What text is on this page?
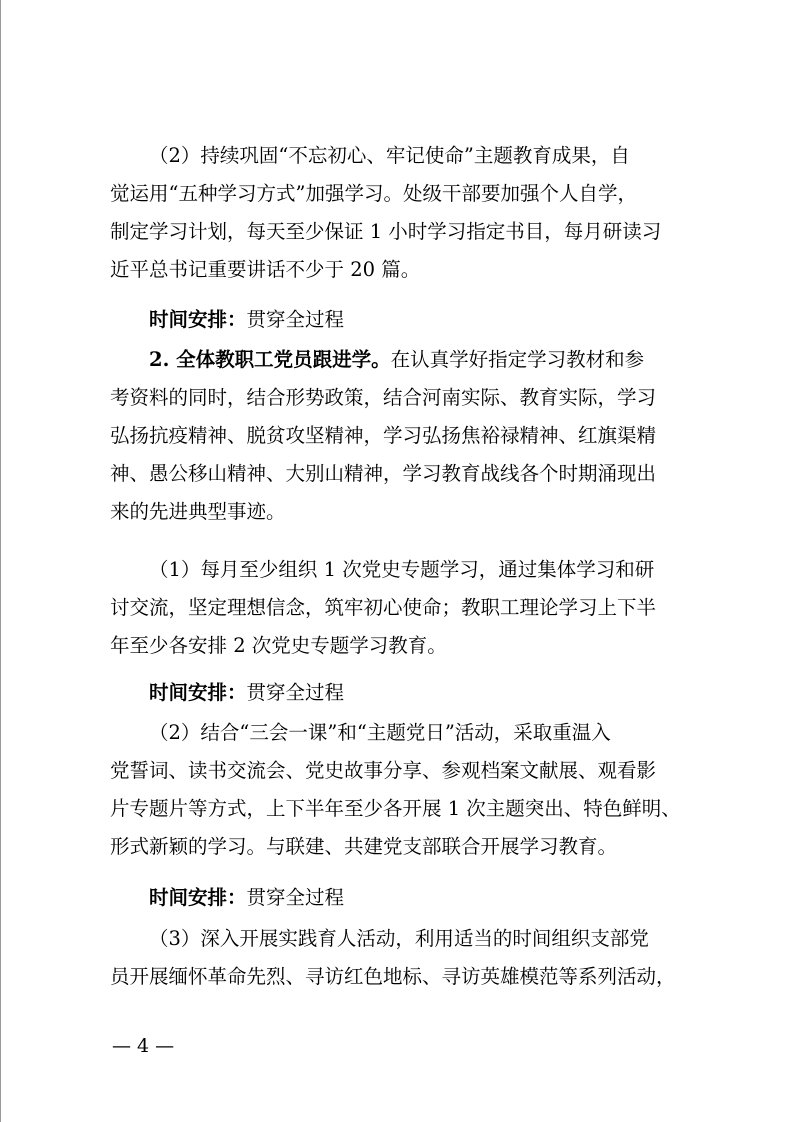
（2）持续巩固“不忘初心、牢记使命”主题教育成果，自
觉运用“五种学习方式”加强学习。处级干部要加强个人自学，
制定学习计划，每天至少保证 1 小时学习指定书目，每月研读习
近平总书记重要讲话不少于 20 篇。
时间安排：贯穿全过程
2. 全体教职工党员跟进学。在认真学好指定学习教材和参
考资料的同时，结合形势政策，结合河南实际、教育实际，学习
弘扬抗疫精神、脱贫攻坚精神，学习弘扬焦裕禄精神、红旗渠精
神、愚公移山精神、大别山精神，学习教育战线各个时期涌现出
来的先进典型事迹。
（1）每月至少组织 1 次党史专题学习，通过集体学习和研
讨交流，坚定理想信念，筑牢初心使命；教职工理论学习上下半
年至少各安排 2 次党史专题学习教育。
时间安排：贯穿全过程
（2）结合“三会一课”和“主题党日”活动，采取重温入
党誓词、读书交流会、党史故事分享、参观档案文献展、观看影
片专题片等方式，上下半年至少各开展 1 次主题突出、特色鲜明、
形式新颖的学习。与联建、共建党支部联合开展学习教育。
时间安排：贯穿全过程
（3）深入开展实践育人活动，利用适当的时间组织支部党
员开展缅怀革命先烈、寻访红色地标、寻访英雄模范等系列活动，
— 4 —
